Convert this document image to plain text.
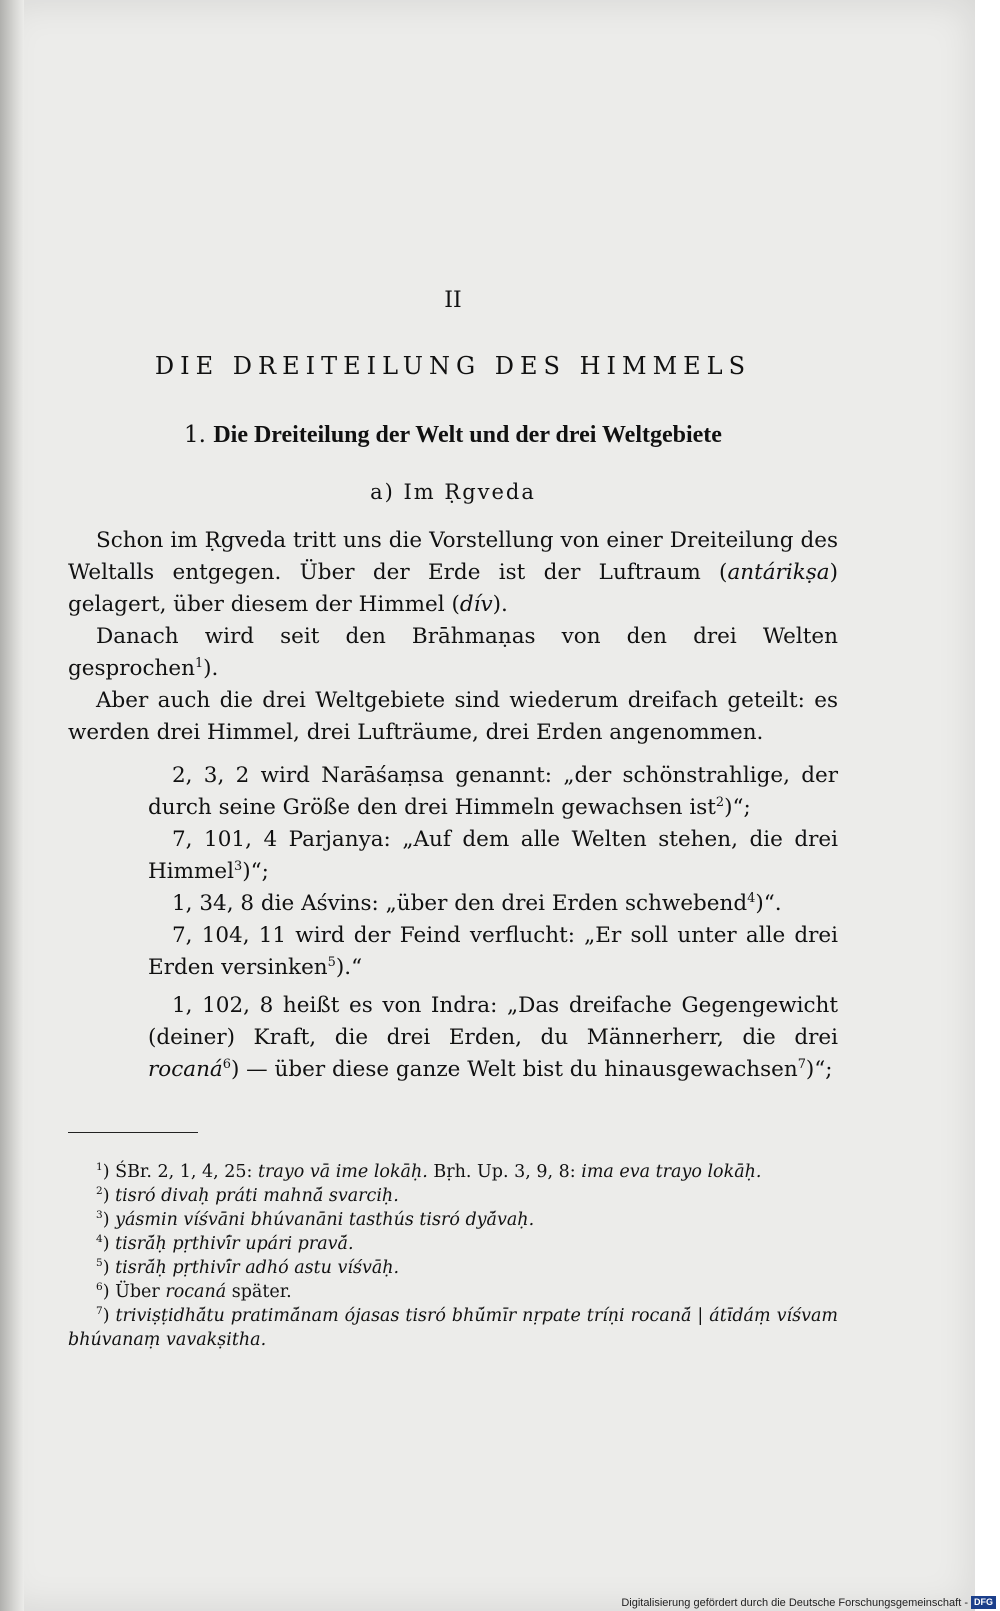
II
DIE DREITEILUNG DES HIMMELS
1. Die Dreiteilung der Welt und der drei Weltgebiete
a) Im Ṛgveda

Schon im Ṛgveda tritt uns die Vorstellung von einer Dreiteilung des Weltalls entgegen. Über der Erde ist der Luftraum (antárikṣa) gelagert, über diesem der Himmel (dív).

Danach wird seit den Brāhmaṇas von den drei Welten gesprochen$^1$).

Aber auch die drei Weltgebiete sind wiederum dreifach geteilt: es werden drei Himmel, drei Lufträume, drei Erden angenommen.

2, 3, 2 wird Narāśaṃsa genannt: „der schönstrahlige, der durch seine Größe den drei Himmeln gewachsen ist$^2$)“;

7, 101, 4 Parjanya: „Auf dem alle Welten stehen, die drei Himmel$^3$)“;

1, 34, 8 die Aśvins: „über den drei Erden schwebend$^4$)“.

7, 104, 11 wird der Feind verflucht: „Er soll unter alle drei Erden versinken$^5$).“

1, 102, 8 heißt es von Indra: „Das dreifache Gegengewicht (deiner) Kraft, die drei Erden, du Männerherr, die drei rocaná$^6$) — über diese ganze Welt bist du hinausgewachsen$^7$)“;

$^1$) ŚBr. 2, 1, 4, 25: trayo vā ime lokāḥ. Bṛh. Up. 3, 9, 8: ima eva trayo lokāḥ.

$^2$) tisró divaḥ práti mahnā́ svarciḥ.

$^3$) yásmin víśvāni bhúvanāni tasthús tisró dyā́vaḥ.

$^4$) tisrā́ḥ pṛthivī́r upári pravā́.

$^5$) tisrā́ḥ pṛthivī́r adhó astu víśvāḥ.

$^6$) Über rocaná später.

$^7$) triviṣṭidhā́tu pratimā́nam ójasas tisró bhū́mīr nṛpate tríṇi rocanā́ | átīdáṃ víśvam bhúvanaṃ vavakṣitha.

Digitalisierung gefördert durch die Deutsche Forschungsgemeinschaft - DFG
